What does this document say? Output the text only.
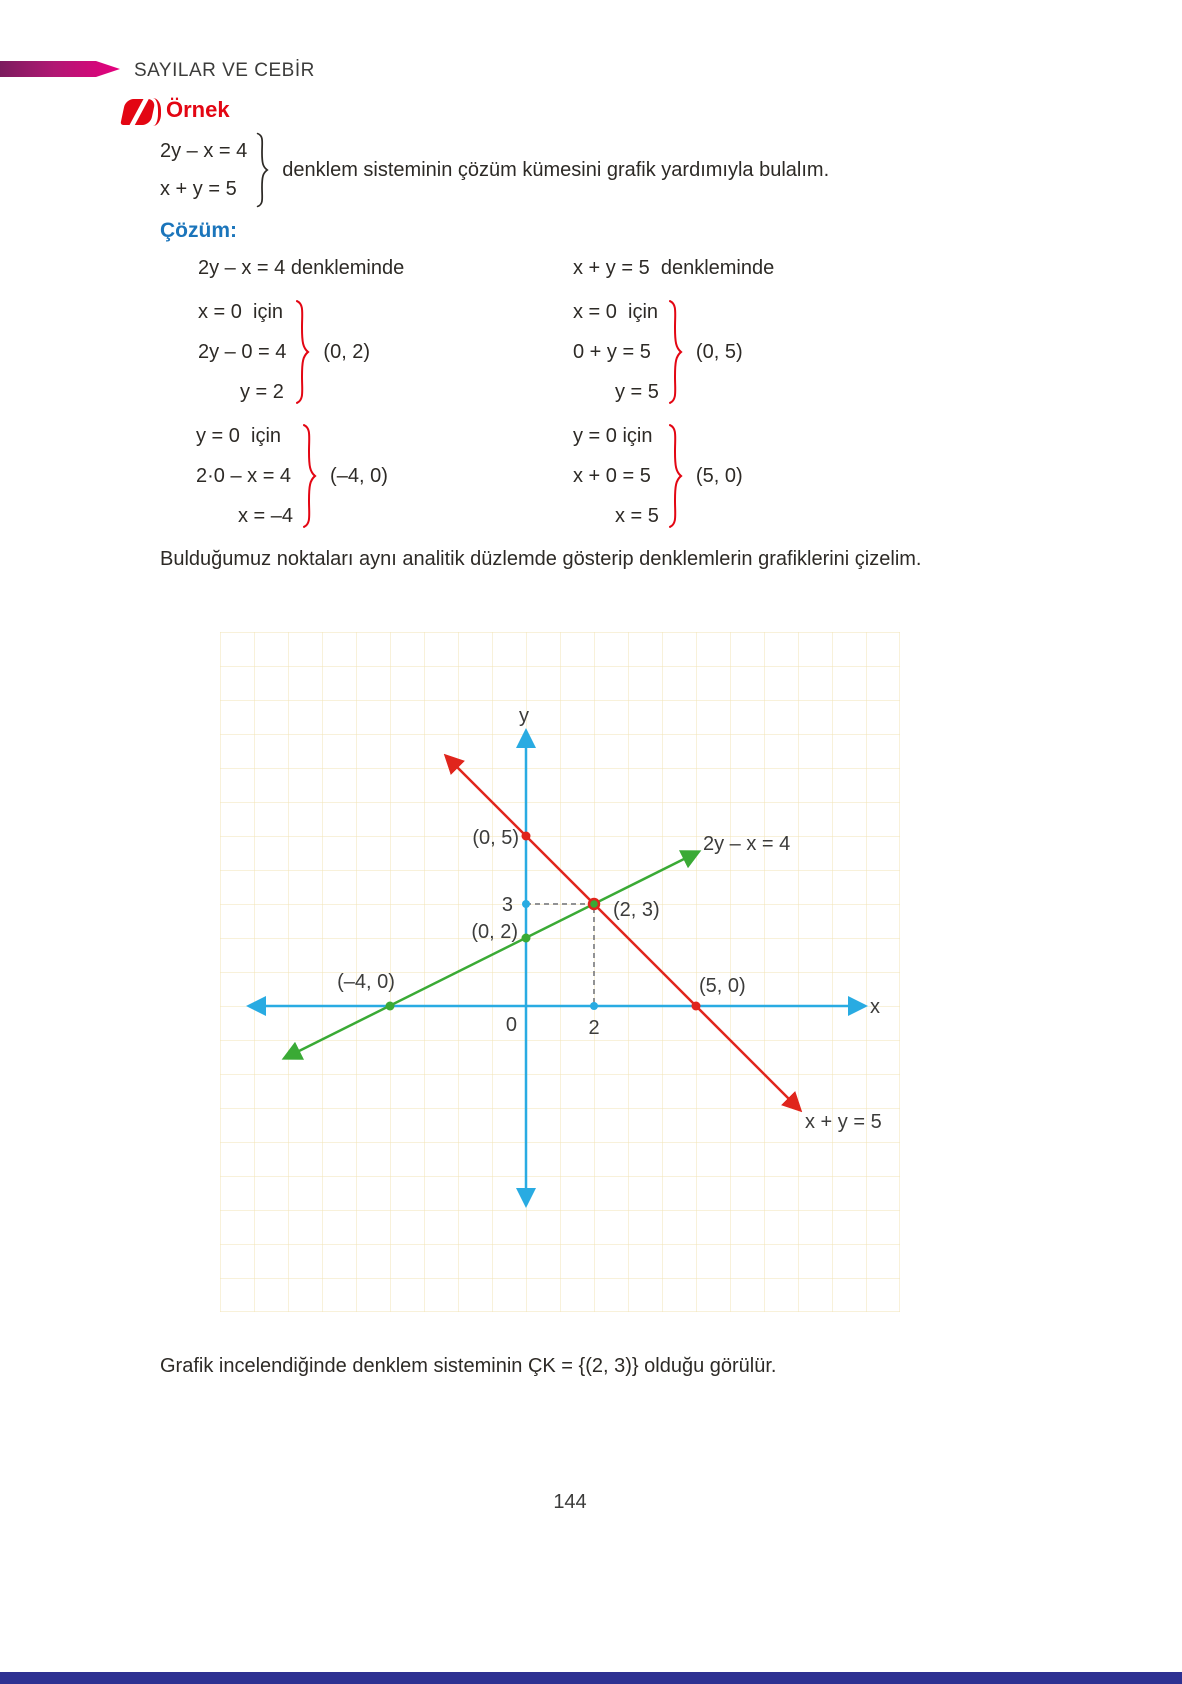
SAYILAR VE CEBİR
Örnek
2y – x = 4
x + y = 5
denklem sisteminin çözüm kümesini grafik yardımıyla bulalım.
Çözüm:
2y – x = 4 denkleminde	x + y = 5  denkleminde
x = 0  için
2y – 0 = 4
y = 2
(0, 2)
y = 0  için
2·0 – x = 4
x = –4
(–4, 0)
x = 0  için
0 + y = 5
y = 5
(0, 5)
y = 0 için
x + 0 = 5
x = 5
(5, 0)
Bulduğumuz noktaları aynı analitik düzlemde gösterip denklemlerin grafiklerini çizelim.
y
x
0
3
2
(0, 5)
(0, 2)
(–4, 0)	(5, 0)
(2, 3)
2y – x = 4
x + y = 5
Grafik incelendiğinde denklem sisteminin ÇK = {(2, 3)} olduğu görülür.
144
